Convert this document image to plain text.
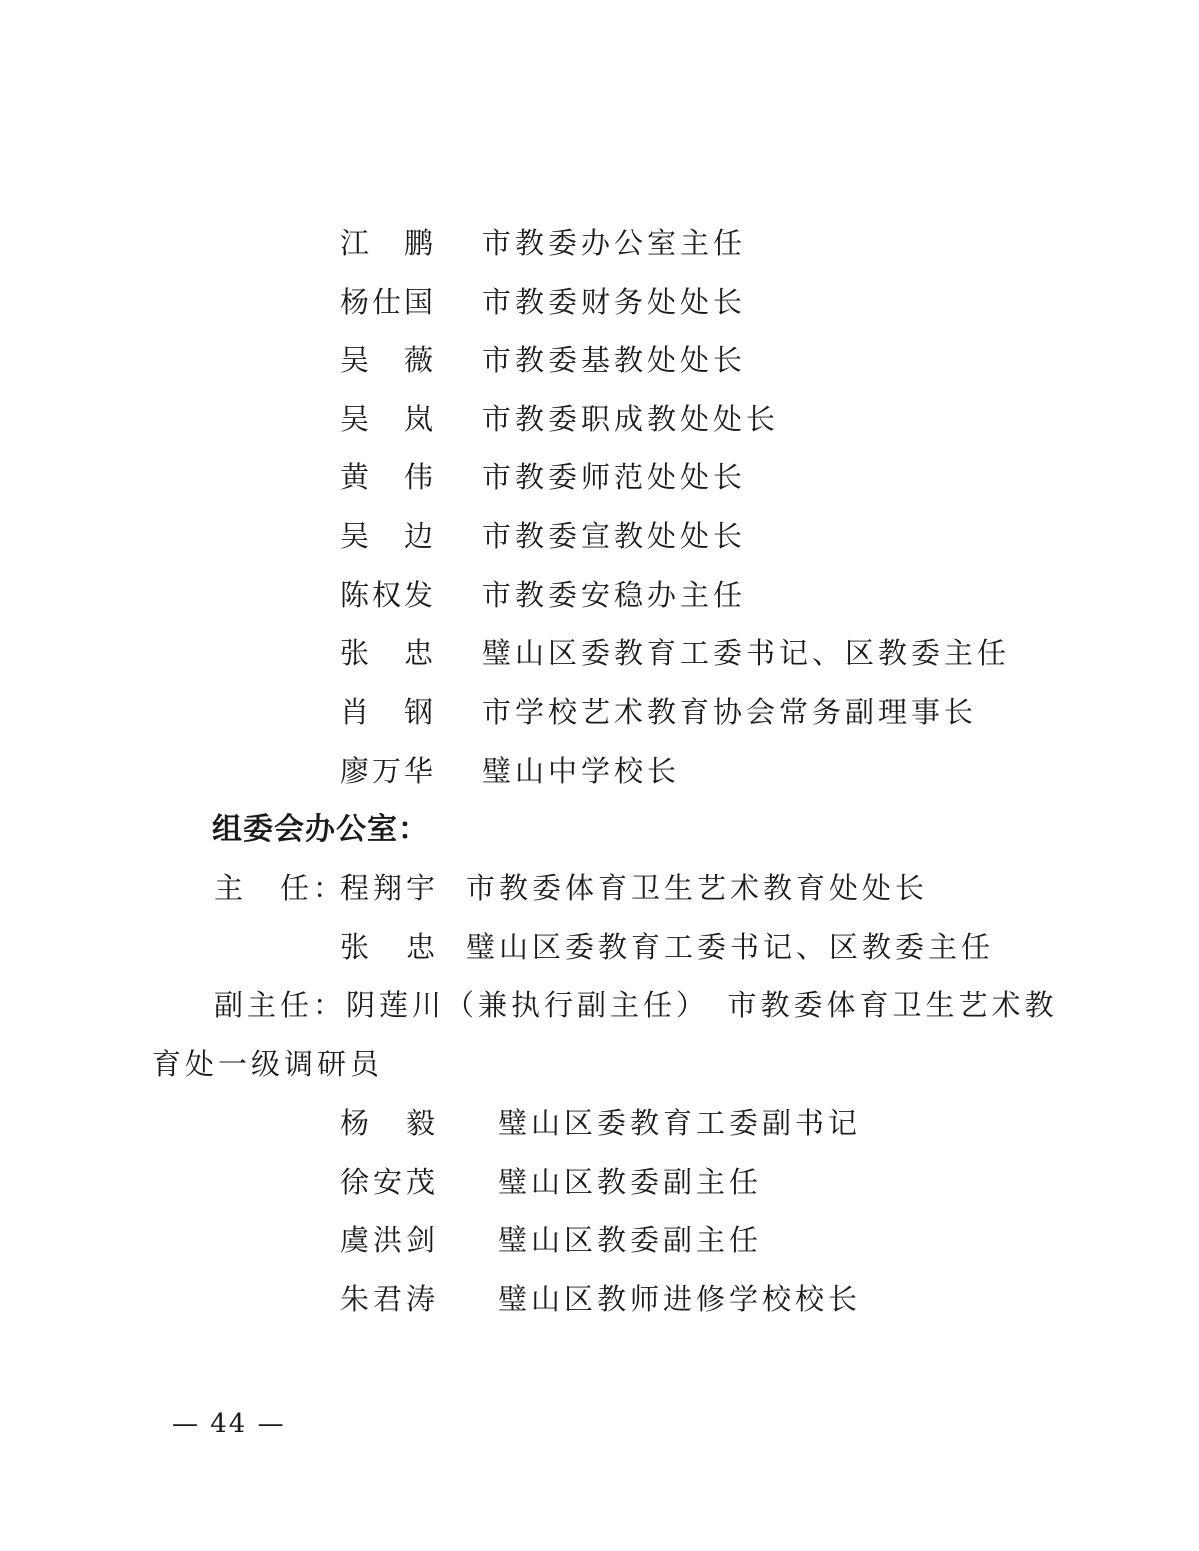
江　鹏	市教委办公室主任
杨仕国	市教委财务处处长
吴　薇	市教委基教处处长
吴　岚	市教委职成教处处长
黄　伟	市教委师范处处长
吴　边	市教委宣教处处长
陈权发	市教委安稳办主任
张　忠	璧山区委教育工委书记、区教委主任
肖　钢	市学校艺术教育协会常务副理事长
廖万华	璧山中学校长
组委会办公室：
主　任：
程翔宇 市教委体育卫生艺术教育处处长
张　忠 璧山区委教育工委书记、区教委主任
副主任：阴莲川（兼执行副主任）　市教委体育卫生艺术教
育处一级调研员
杨　毅 璧山区委教育工委副书记
徐安茂 璧山区教委副主任
虞洪剑 璧山区教委副主任
朱君涛 璧山区教师进修学校校长
— 44 —
